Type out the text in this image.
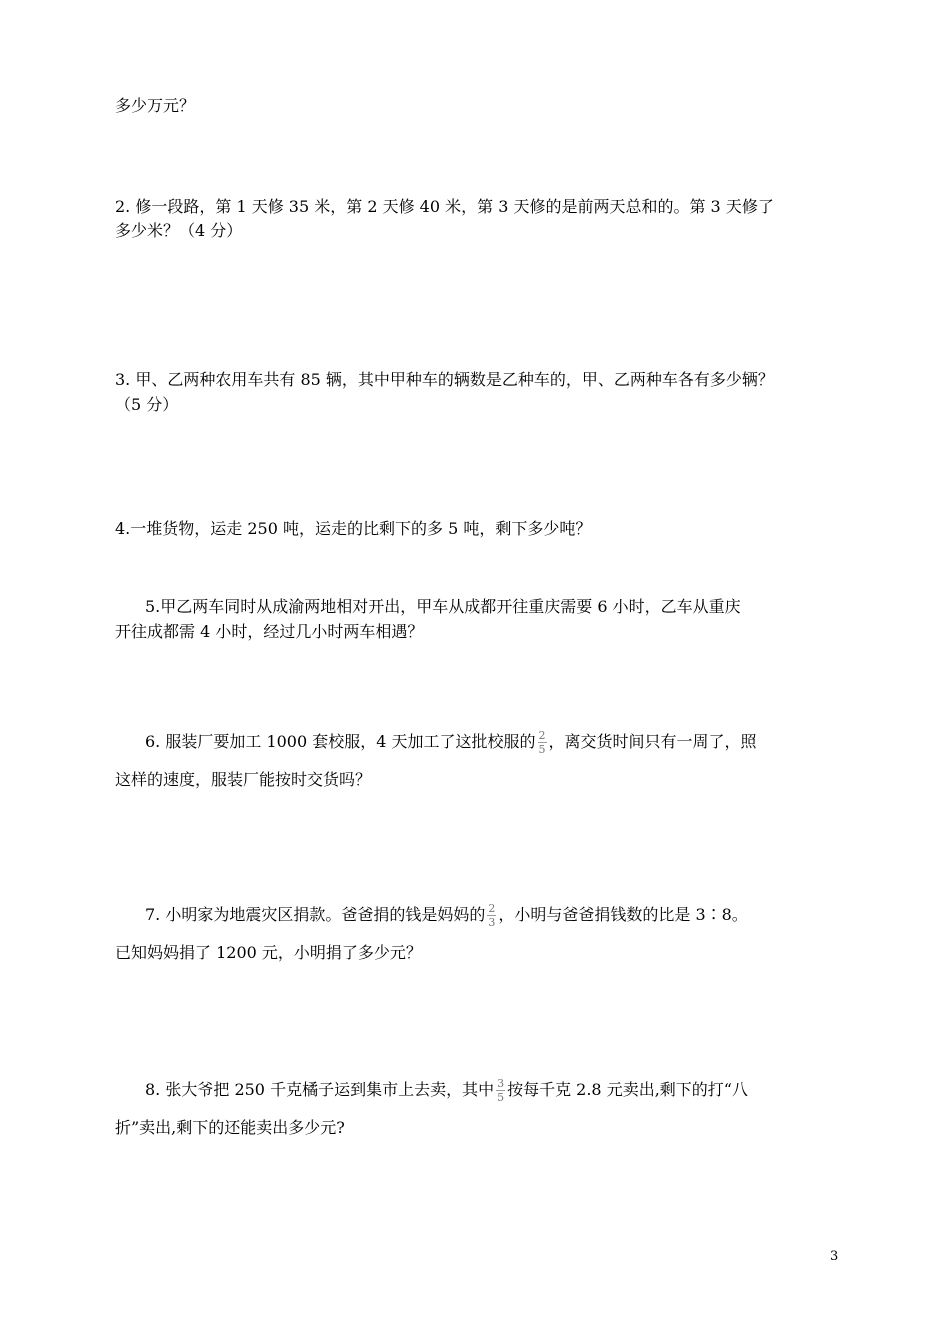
多少万元？
2. 修一段路，第 1 天修 35 米，第 2 天修 40 米，第 3 天修的是前两天总和的。第 3 天修了
多少米？（4 分）
3. 甲、乙两种农用车共有 85 辆，其中甲种车的辆数是乙种车的，甲、乙两种车各有多少辆？
（5 分）
4.一堆货物，运走 250 吨，运走的比剩下的多 5 吨，剩下多少吨？
5.甲乙两车同时从成渝两地相对开出，甲车从成都开往重庆需要 6 小时，乙车从重庆
开往成都需 4 小时，经过几小时两车相遇？
6. 服装厂要加工 1000 套校服，4 天加工了这批校服的 $\frac{2}{5}$ ，离交货时间只有一周了，照
这样的速度，服装厂能按时交货吗？
7. 小明家为地震灾区捐款。爸爸捐的钱是妈妈的 $\frac{2}{3}$ ，小明与爸爸捐钱数的比是 3∶8。
已知妈妈捐了 1200 元，小明捐了多少元？
8. 张大爷把 250 千克橘子运到集市上去卖，其中 $\frac{3}{5}$ 按每千克 2.8 元卖出,剩下的打“八
折”卖出,剩下的还能卖出多少元?
3
